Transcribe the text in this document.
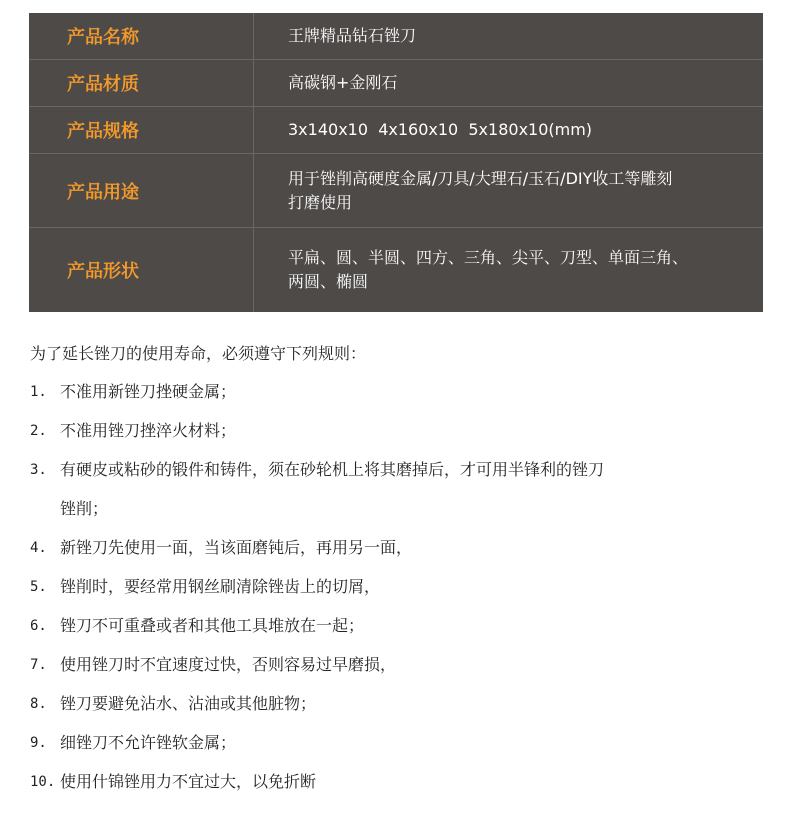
产品名称	王牌精品钻石锉刀

产品材质	高碳钢+金刚石

产品规格	3x140x10  4x160x10  5x180x10(mm)

产品用途	用于锉削高硬度金属/刀具/大理石/玉石/DIY收工等雕刻
打磨使用

产品形状	平扁、圆、半圆、四方、三角、尖平、刀型、单面三角、
两圆、椭圆

为了延长锉刀的使用寿命，必须遵守下列规则：

1. 不准用新锉刀挫硬金属；
2. 不准用锉刀挫淬火材料；
3. 有硬皮或粘砂的锻件和铸件，须在砂轮机上将其磨掉后，才可用半锋利的锉刀
锉削；
4. 新锉刀先使用一面，当该面磨钝后，再用另一面，
5. 锉削时，要经常用钢丝刷清除锉齿上的切屑，
6. 锉刀不可重叠或者和其他工具堆放在一起；
7. 使用锉刀时不宜速度过快，否则容易过早磨损，
8. 锉刀要避免沾水、沾油或其他脏物；
9. 细锉刀不允许锉软金属；
10. 使用什锦锉用力不宜过大，以免折断
